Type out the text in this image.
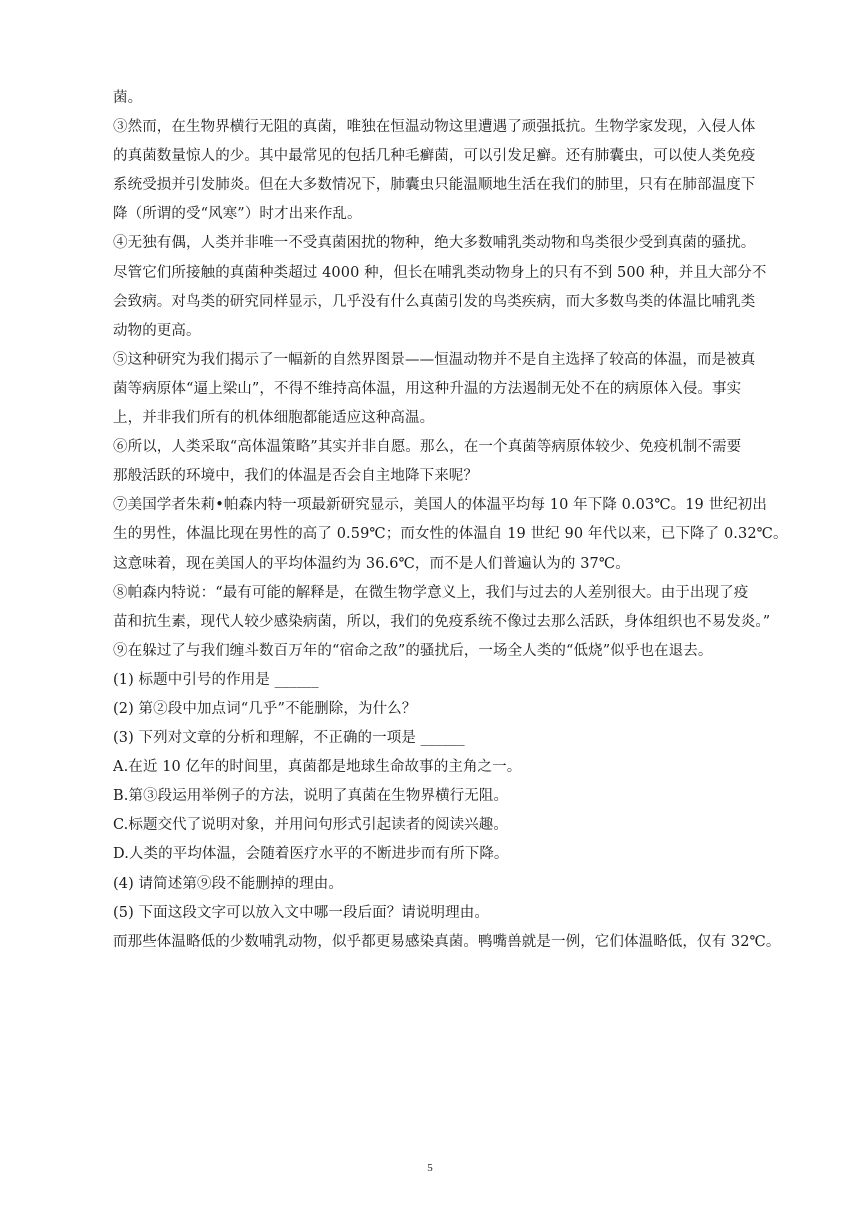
菌。
③然而，在生物界横行无阻的真菌，唯独在恒温动物这里遭遇了顽强抵抗。生物学家发现，入侵人体
的真菌数量惊人的少。其中最常见的包括几种毛癣菌，可以引发足癣。还有肺囊虫，可以使人类免疫
系统受损并引发肺炎。但在大多数情况下，肺囊虫只能温顺地生活在我们的肺里，只有在肺部温度下
降（所谓的受“风寒”）时才出来作乱。
④无独有偶，人类并非唯一不受真菌困扰的物种，绝大多数哺乳类动物和鸟类很少受到真菌的骚扰。
尽管它们所接触的真菌种类超过 4000 种，但长在哺乳类动物身上的只有不到 500 种，并且大部分不
会致病。对鸟类的研究同样显示，几乎没有什么真菌引发的鸟类疾病，而大多数鸟类的体温比哺乳类
动物的更高。
⑤这种研究为我们揭示了一幅新的自然界图景——恒温动物并不是自主选择了较高的体温，而是被真
菌等病原体“逼上梁山”，不得不维持高体温，用这种升温的方法遏制无处不在的病原体入侵。事实
上，并非我们所有的机体细胞都能适应这种高温。
⑥所以，人类采取“高体温策略”其实并非自愿。那么，在一个真菌等病原体较少、免疫机制不需要
那般活跃的环境中，我们的体温是否会自主地降下来呢？
⑦美国学者朱莉•帕森内特一项最新研究显示，美国人的体温平均每 10 年下降 0.03℃。19 世纪初出
生的男性，体温比现在男性的高了 0.59℃；而女性的体温自 19 世纪 90 年代以来，已下降了 0.32℃。
这意味着，现在美国人的平均体温约为 36.6℃，而不是人们普遍认为的 37℃。
⑧帕森内特说：“最有可能的解释是，在微生物学意义上，我们与过去的人差别很大。由于出现了疫
苗和抗生素，现代人较少感染病菌，所以，我们的免疫系统不像过去那么活跃，身体组织也不易发炎。”
⑨在躲过了与我们缠斗数百万年的“宿命之敌”的骚扰后，一场全人类的“低烧”似乎也在退去。
(1) 标题中引号的作用是 ______
(2) 第②段中加点词“几乎”不能删除，为什么？
(3) 下列对文章的分析和理解，不正确的一项是 ______
A.在近 10 亿年的时间里，真菌都是地球生命故事的主角之一。
B.第③段运用举例子的方法，说明了真菌在生物界横行无阻。
C.标题交代了说明对象，并用问句形式引起读者的阅读兴趣。
D.人类的平均体温，会随着医疗水平的不断进步而有所下降。
(4) 请简述第⑨段不能删掉的理由。
(5) 下面这段文字可以放入文中哪一段后面？请说明理由。
而那些体温略低的少数哺乳动物，似乎都更易感染真菌。鸭嘴兽就是一例，它们体温略低，仅有 32℃。
5
